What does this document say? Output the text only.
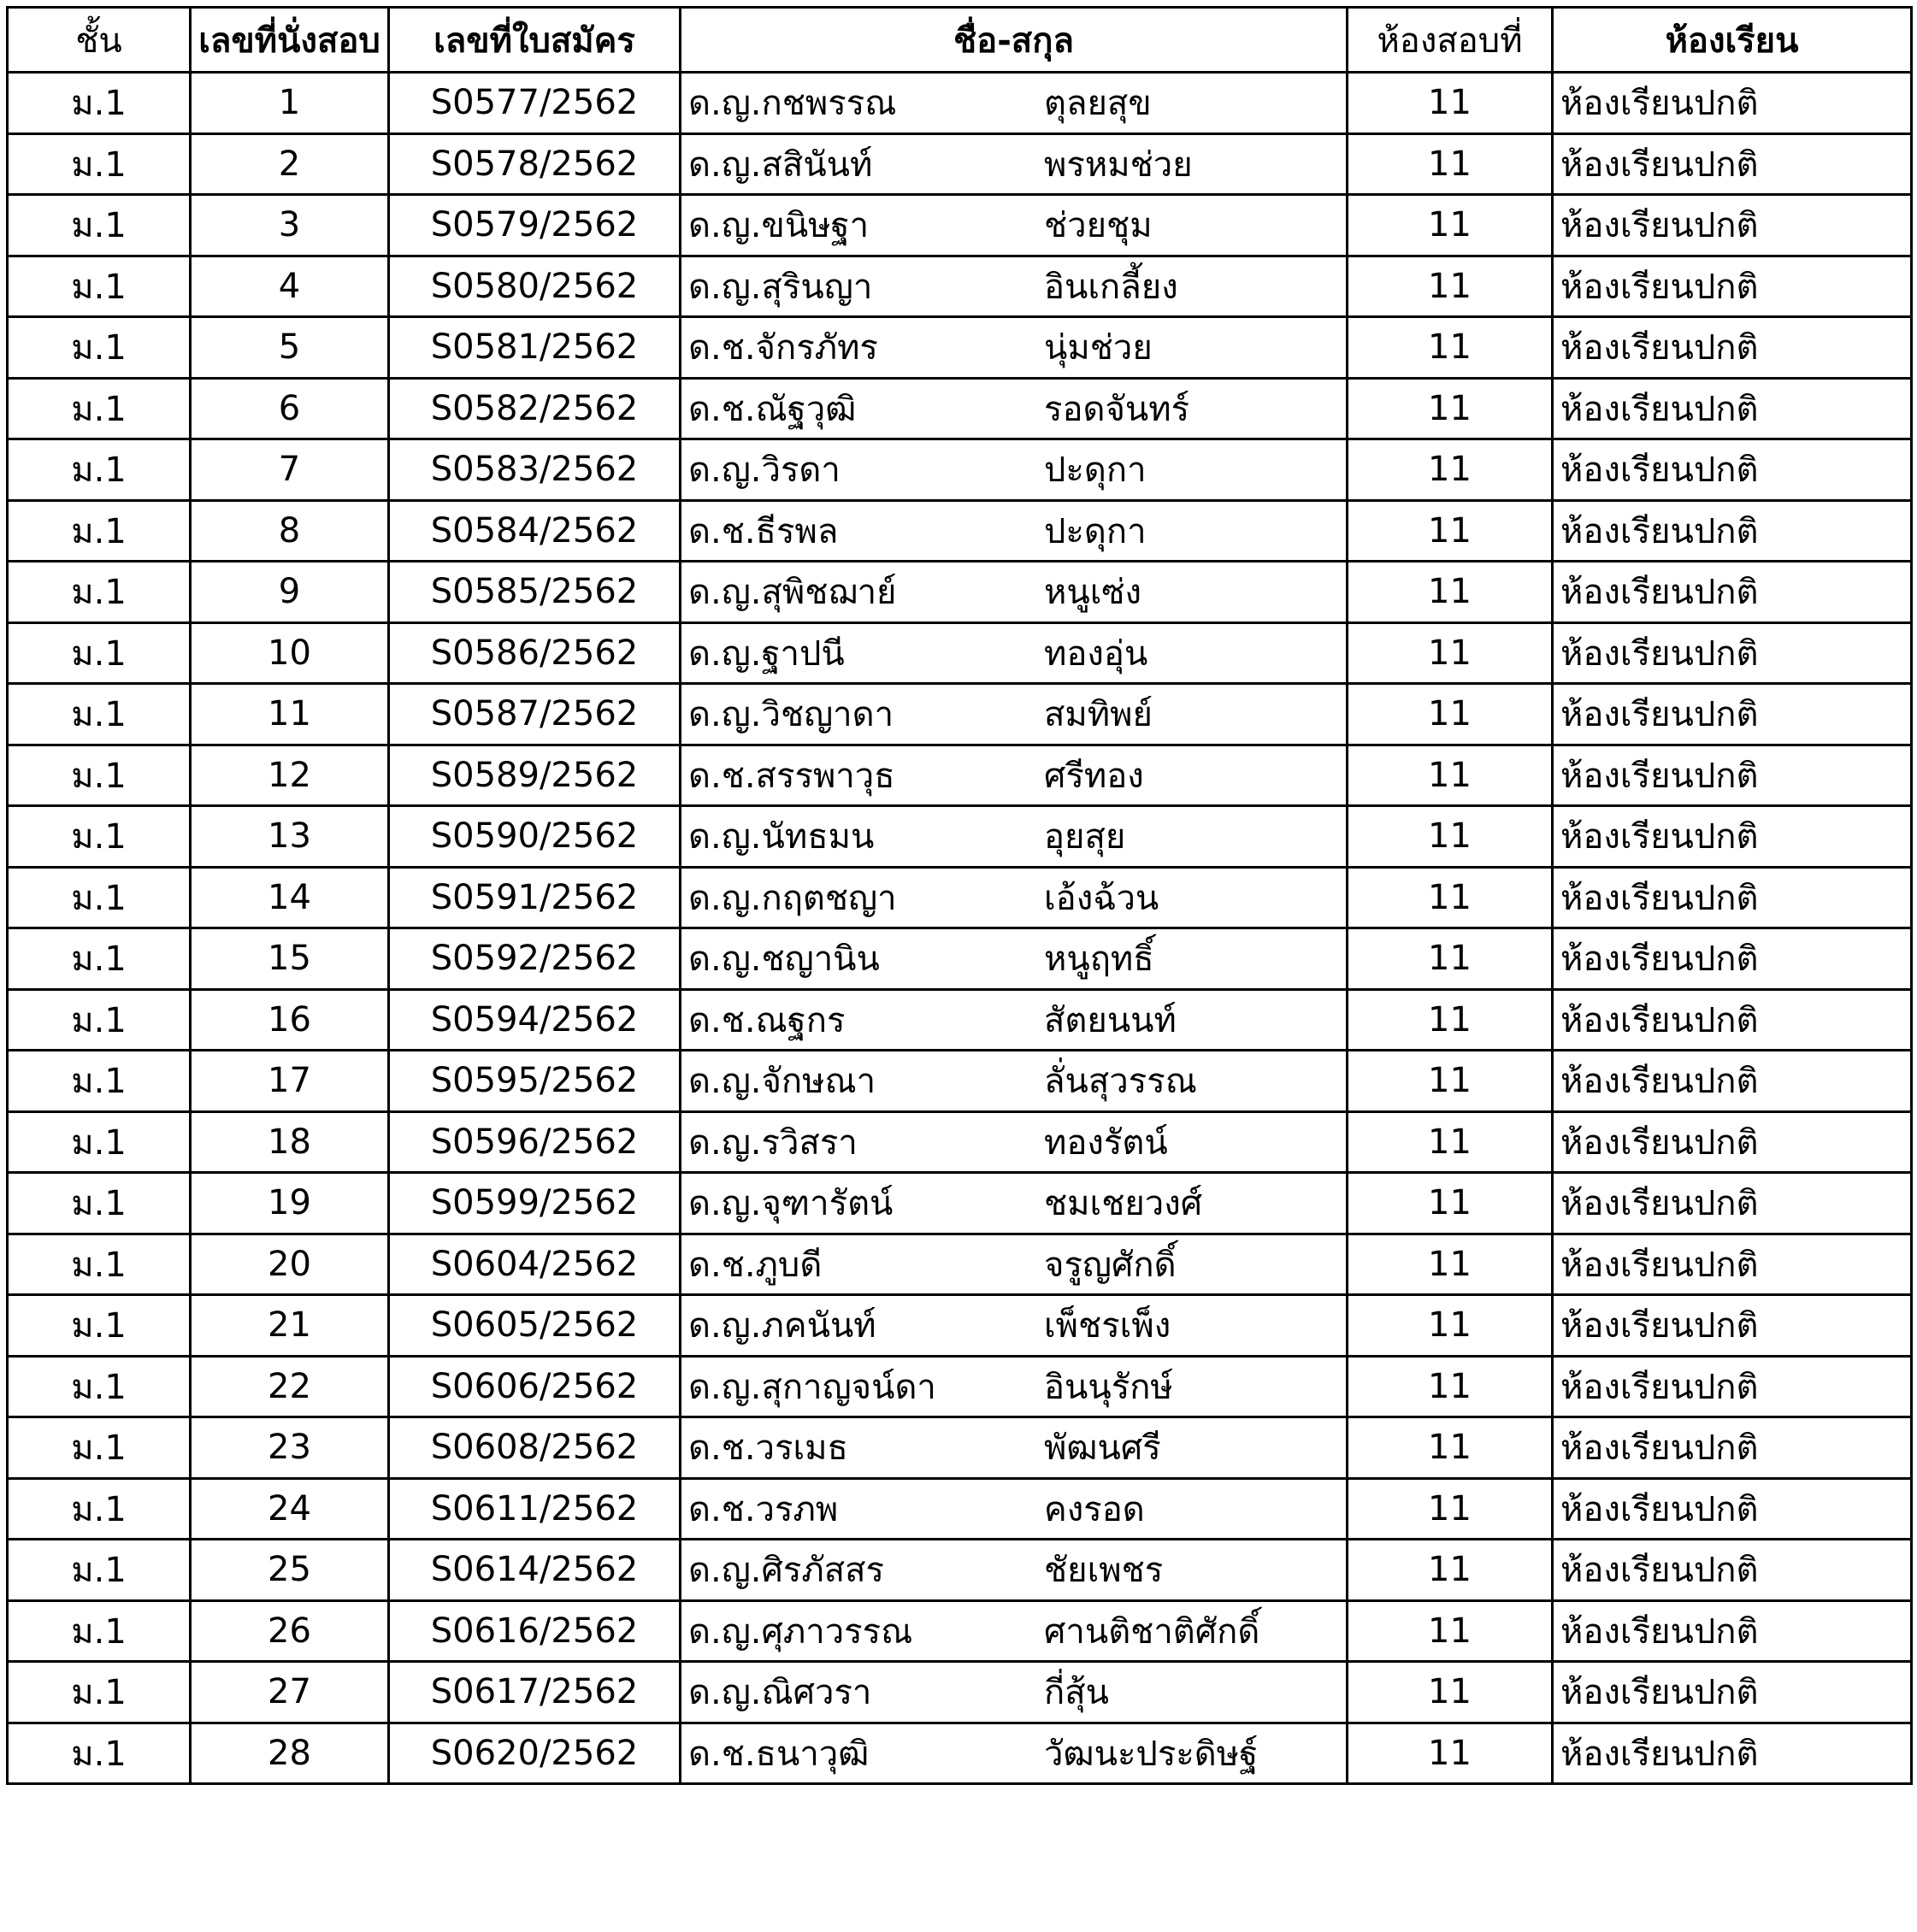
ชั้น	เลขที่นั่งสอบ	เลขที่ใบสมัคร	ชื่อ-สกุล	ห้องสอบที่	ห้องเรียน
ม.1	1	S0577/2562	ด.ญ.กชพรรณ ตุลยสุข	11	ห้องเรียนปกติ
ม.1	2	S0578/2562	ด.ญ.สสินันท์ พรหมช่วย	11	ห้องเรียนปกติ
ม.1	3	S0579/2562	ด.ญ.ขนิษฐา ช่วยชุม	11	ห้องเรียนปกติ
ม.1	4	S0580/2562	ด.ญ.สุรินญา อินเกลี้ยง	11	ห้องเรียนปกติ
ม.1	5	S0581/2562	ด.ช.จักรภัทร นุ่มช่วย	11	ห้องเรียนปกติ
ม.1	6	S0582/2562	ด.ช.ณัฐวุฒิ รอดจันทร์	11	ห้องเรียนปกติ
ม.1	7	S0583/2562	ด.ญ.วิรดา ปะดุกา	11	ห้องเรียนปกติ
ม.1	8	S0584/2562	ด.ช.ธีรพล ปะดุกา	11	ห้องเรียนปกติ
ม.1	9	S0585/2562	ด.ญ.สุพิชฌาย์ หนูเซ่ง	11	ห้องเรียนปกติ
ม.1	10	S0586/2562	ด.ญ.ฐาปนี ทองอุ่น	11	ห้องเรียนปกติ
ม.1	11	S0587/2562	ด.ญ.วิชญาดา สมทิพย์	11	ห้องเรียนปกติ
ม.1	12	S0589/2562	ด.ช.สรรพาวุธ ศรีทอง	11	ห้องเรียนปกติ
ม.1	13	S0590/2562	ด.ญ.นัทธมน อุยสุย	11	ห้องเรียนปกติ
ม.1	14	S0591/2562	ด.ญ.กฤตชญา เอ้งฉ้วน	11	ห้องเรียนปกติ
ม.1	15	S0592/2562	ด.ญ.ชญานิน หนูฤทธิ์	11	ห้องเรียนปกติ
ม.1	16	S0594/2562	ด.ช.ณฐกร สัตยนนท์	11	ห้องเรียนปกติ
ม.1	17	S0595/2562	ด.ญ.จักษณา ลั่นสุวรรณ	11	ห้องเรียนปกติ
ม.1	18	S0596/2562	ด.ญ.รวิสรา ทองรัตน์	11	ห้องเรียนปกติ
ม.1	19	S0599/2562	ด.ญ.จุฑารัตน์ ชมเชยวงศ์	11	ห้องเรียนปกติ
ม.1	20	S0604/2562	ด.ช.ภูบดี จรูญศักดิ์	11	ห้องเรียนปกติ
ม.1	21	S0605/2562	ด.ญ.ภคนันท์ เพ็ชรเพ็ง	11	ห้องเรียนปกติ
ม.1	22	S0606/2562	ด.ญ.สุกาญจน์ดา อินนุรักษ์	11	ห้องเรียนปกติ
ม.1	23	S0608/2562	ด.ช.วรเมธ พัฒนศรี	11	ห้องเรียนปกติ
ม.1	24	S0611/2562	ด.ช.วรภพ คงรอด	11	ห้องเรียนปกติ
ม.1	25	S0614/2562	ด.ญ.ศิรภัสสร ชัยเพชร	11	ห้องเรียนปกติ
ม.1	26	S0616/2562	ด.ญ.ศุภาวรรณ ศานติชาติศักดิ์	11	ห้องเรียนปกติ
ม.1	27	S0617/2562	ด.ญ.ณิศวรา กี่สุ้น	11	ห้องเรียนปกติ
ม.1	28	S0620/2562	ด.ช.ธนาวุฒิ วัฒนะประดิษฐ์	11	ห้องเรียนปกติ
